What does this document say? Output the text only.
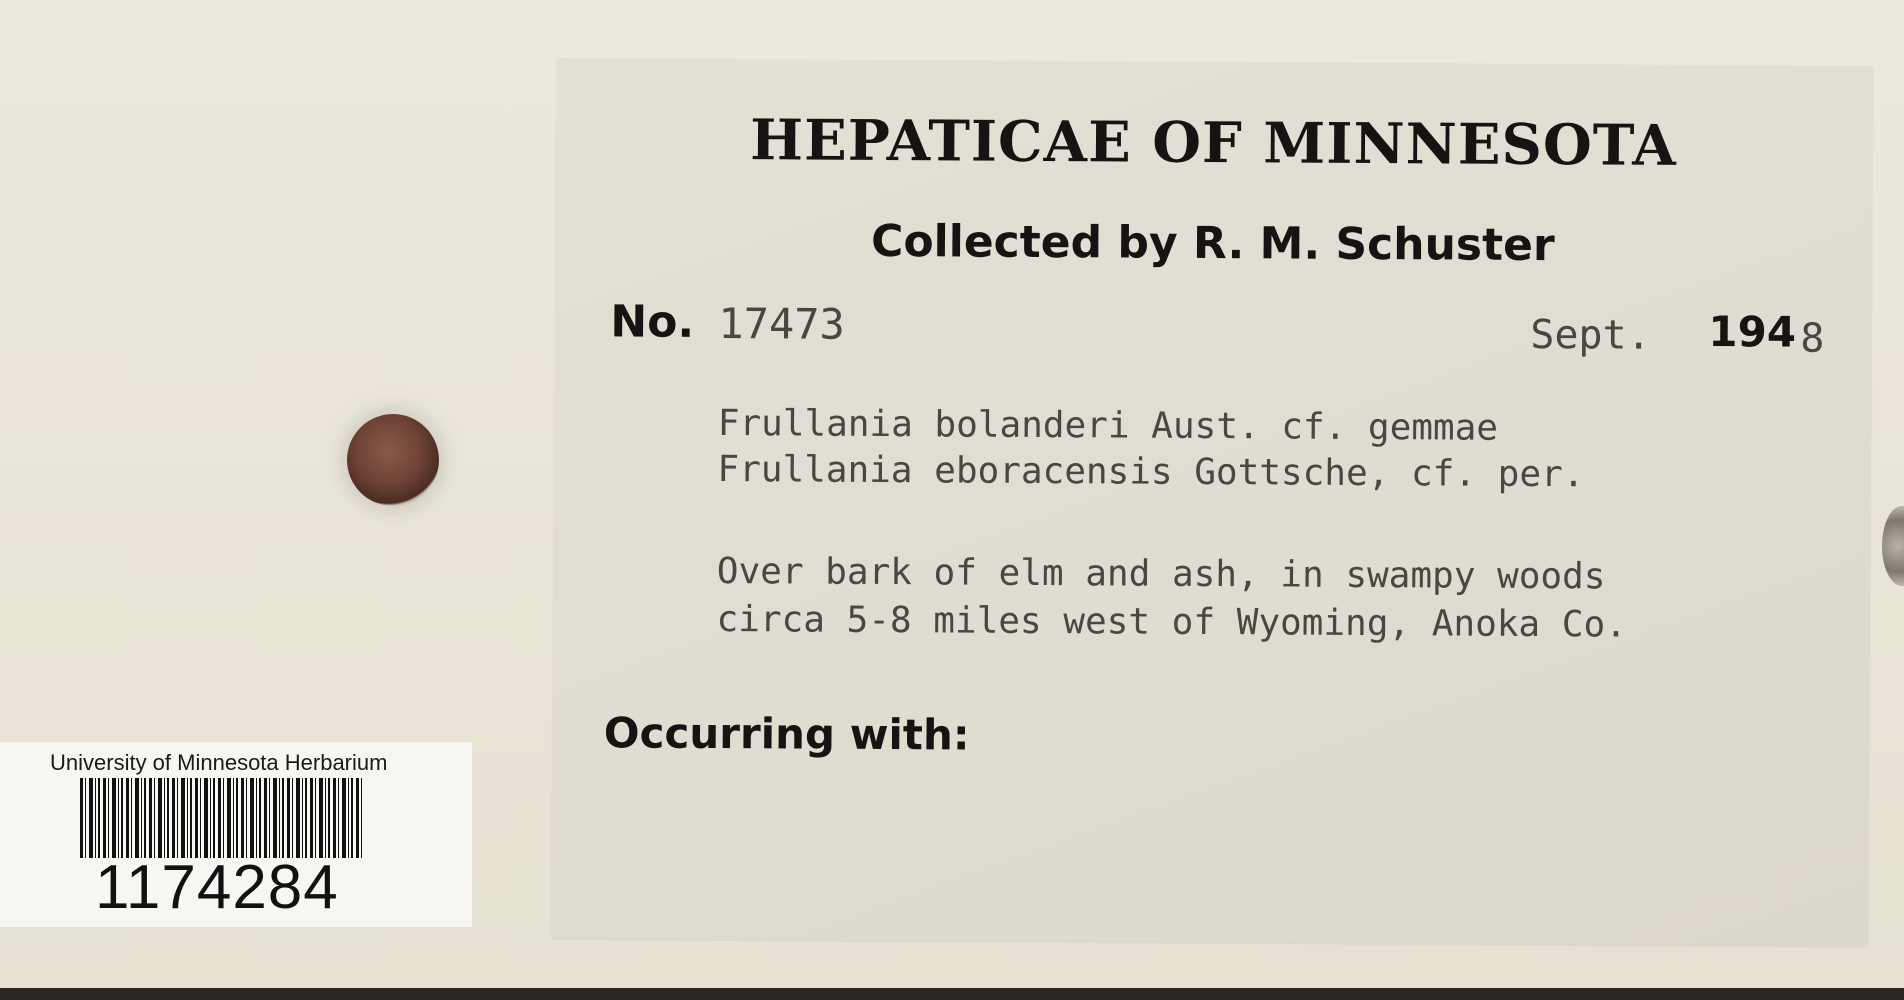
University of Minnesota Herbarium
1174284
HEPATICAE OF MINNESOTA
Collected by R. M. Schuster
No. 17473	Sept. 194 8
Frullania bolanderi Aust. cf. gemmae
Frullania eboracensis Gottsche, cf. per.
Over bark of elm and ash, in swampy woods
circa 5-8 miles west of Wyoming, Anoka Co.
Occurring with:
